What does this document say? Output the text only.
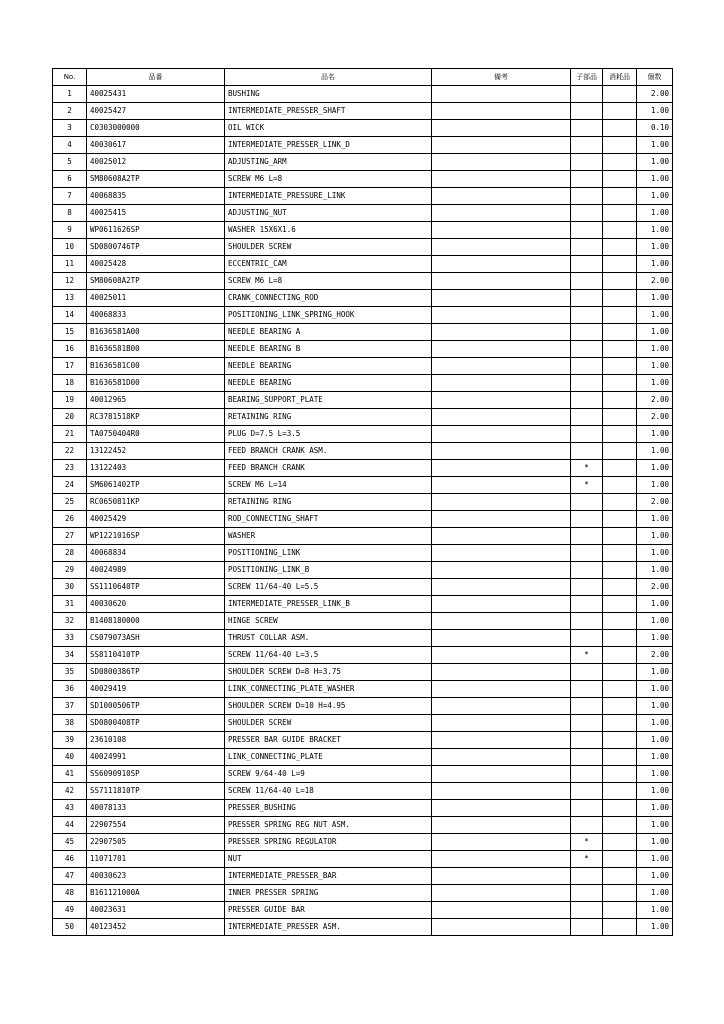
No.	品番	品名	備考	子部品	消耗品	個数
1	40025431	BUSHING				2.00
2	40025427	INTERMEDIATE_PRESSER_SHAFT				1.00
3	C0303000000	OIL WICK				0.10
4	40030617	INTERMEDIATE_PRESSER_LINK_D				1.00
5	40025012	ADJUSTING_ARM				1.00
6	SM80608A2TP	SCREW M6 L=8				1.00
7	40068835	INTERMEDIATE_PRESSURE_LINK				1.00
8	40025415	ADJUSTING_NUT				1.00
9	WP0611626SP	WASHER 15X6X1.6				1.00
10	SD0800746TP	SHOULDER SCREW				1.00
11	40025428	ECCENTRIC_CAM				1.00
12	SM80608A2TP	SCREW M6 L=8				2.00
13	40025011	CRANK_CONNECTING_ROD				1.00
14	40068833	POSITIONING_LINK_SPRING_HOOK				1.00
15	B1636581A00	NEEDLE BEARING A				1.00
16	B1636581B00	NEEDLE BEARING B				1.00
17	B1636581C00	NEEDLE BEARING				1.00
18	B1636581D00	NEEDLE BEARING				1.00
19	40012965	BEARING_SUPPORT_PLATE				2.00
20	RC3781518KP	RETAINING RING				2.00
21	TA0750404R0	PLUG D=7.5 L=3.5				1.00
22	13122452	FEED BRANCH CRANK ASM.				1.00
23	13122403	FEED BRANCH CRANK		*		1.00
24	SM6061402TP	SCREW M6 L=14		*		1.00
25	RC0650811KP	RETAINING RING				2.00
26	40025429	ROD_CONNECTING_SHAFT				1.00
27	WP1221016SP	WASHER				1.00
28	40068834	POSITIONING_LINK				1.00
29	40024989	POSITIONING_LINK_B				1.00
30	SS1110640TP	SCREW 11/64-40 L=5.5				2.00
31	40030620	INTERMEDIATE_PRESSER_LINK_B				1.00
32	B1408180000	HINGE SCREW				1.00
33	CS079073ASH	THRUST COLLAR ASM.				1.00
34	SS8110410TP	SCREW 11/64-40 L=3.5		*		2.00
35	SD0800386TP	SHOULDER SCREW D=8 H=3.75				1.00
36	40029419	LINK_CONNECTING_PLATE_WASHER				1.00
37	SD1000506TP	SHOULDER SCREW D=10 H=4.95				1.00
38	SD0800408TP	SHOULDER SCREW				1.00
39	23610108	PRESSER BAR GUIDE BRACKET				1.00
40	40024991	LINK_CONNECTING_PLATE				1.00
41	SS6090910SP	SCREW 9/64-40 L=9				1.00
42	SS7111810TP	SCREW 11/64-40 L=18				1.00
43	40078133	PRESSER_BUSHING				1.00
44	22907554	PRESSER SPRING REG NUT ASM.				1.00
45	22907505	PRESSER SPRING REGULATOR		*		1.00
46	11071701	NUT		*		1.00
47	40030623	INTERMEDIATE_PRESSER_BAR				1.00
48	B161121000A	INNER PRESSER SPRING				1.00
49	40023631	PRESSER GUIDE BAR				1.00
50	40123452	INTERMEDIATE_PRESSER ASM.				1.00
